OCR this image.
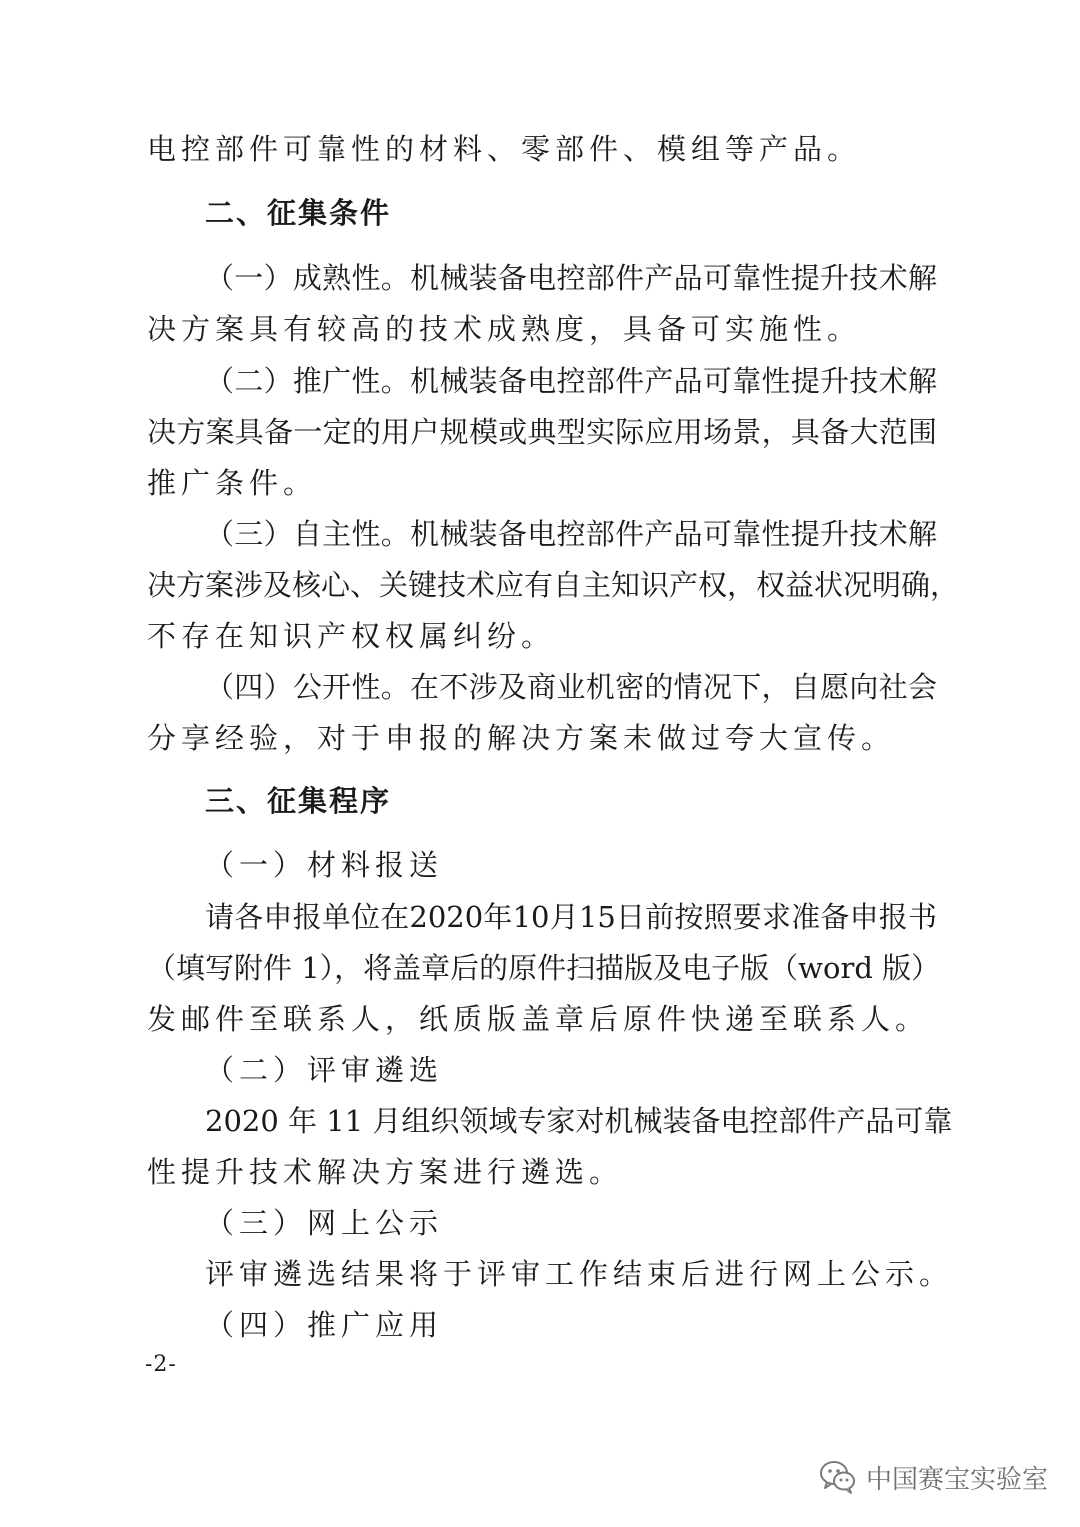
电控部件可靠性的材料、零部件、模组等产品。
二、征集条件
（一）成熟性。机械装备电控部件产品可靠性提升技术解
决方案具有较高的技术成熟度，具备可实施性。
（二）推广性。机械装备电控部件产品可靠性提升技术解
决方案具备一定的用户规模或典型实际应用场景，具备大范围
推广条件。
（三）自主性。机械装备电控部件产品可靠性提升技术解
决方案涉及核心、关键技术应有自主知识产权，权益状况明确，
不存在知识产权权属纠纷。
（四）公开性。在不涉及商业机密的情况下，自愿向社会
分享经验，对于申报的解决方案未做过夸大宣传。
三、征集程序
（一）材料报送
请各申报单位在2020年10月15日前按照要求准备申报书
（填写附件 1），将盖章后的原件扫描版及电子版（word 版）
发邮件至联系人，纸质版盖章后原件快递至联系人。
（二）评审遴选
2020 年 11 月组织领域专家对机械装备电控部件产品可靠
性提升技术解决方案进行遴选。
（三）网上公示
评审遴选结果将于评审工作结束后进行网上公示。
（四）推广应用
-2-
中国赛宝实验室
